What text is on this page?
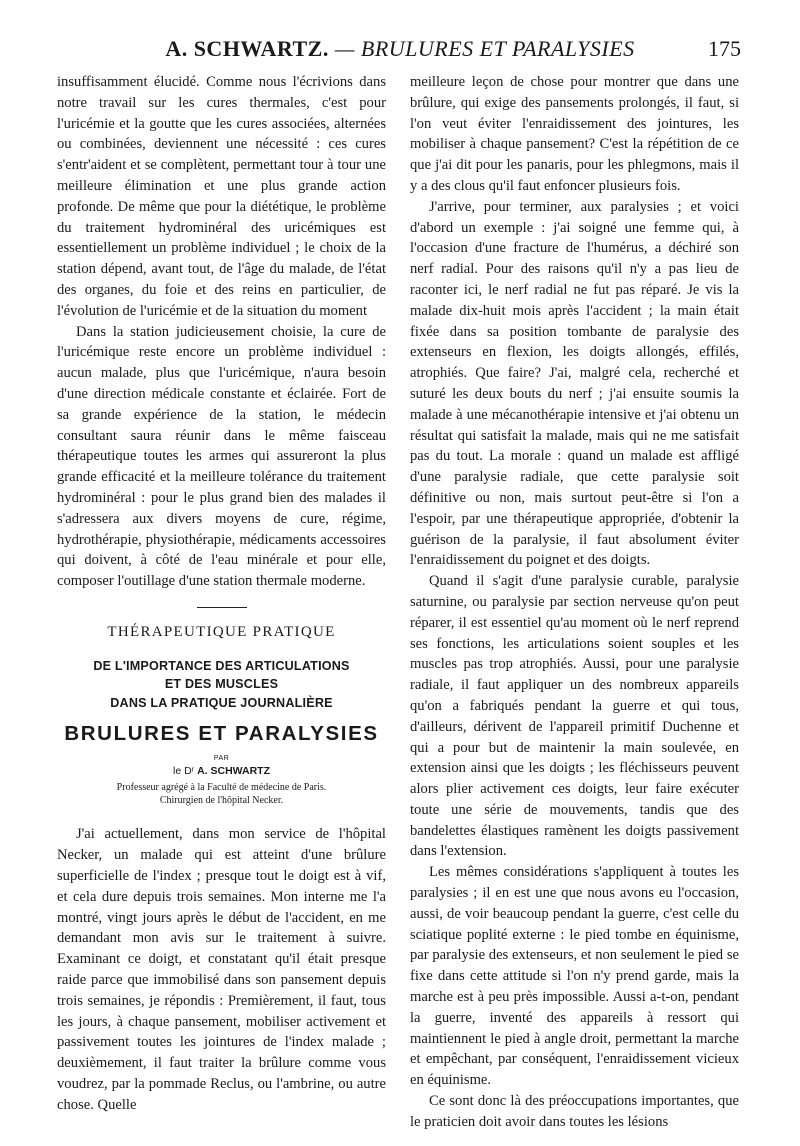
A. SCHWARTZ. — BRULURES ET PARALYSIES	175

insuffisamment élucidé. Comme nous l'écrivions dans notre travail sur les cures thermales, c'est pour l'uricémie et la goutte que les cures associées, alternées ou combinées, deviennent une nécessité : ces cures s'entr'aident et se complètent, permettant tour à tour une meilleure élimination et une plus grande action profonde. De même que pour la diététique, le problème du traitement hydrominéral des uricémiques est essentiellement un problème individuel ; le choix de la station dépend, avant tout, de l'âge du malade, de l'état des organes, du foie et des reins en particulier, de l'évolution de l'uricémie et de la situation du moment

Dans la station judicieusement choisie, la cure de l'uricémique reste encore un problème individuel : aucun malade, plus que l'uricémique, n'aura besoin d'une direction médicale constante et éclairée. Fort de sa grande expérience de la station, le médecin consultant saura réunir dans le même faisceau thérapeutique toutes les armes qui assureront la plus grande efficacité et la meilleure tolérance du traitement hydrominéral : pour le plus grand bien des malades il s'adressera aux divers moyens de cure, régime, hydrothérapie, physiothérapie, médicaments accessoires qui doivent, à côté de l'eau minérale et pour elle, composer l'outillage d'une station thermale moderne.

THÉRAPEUTIQUE PRATIQUE
DE L'IMPORTANCE DES ARTICULATIONS
ET DES MUSCLES
DANS LA PRATIQUE JOURNALIÈRE
BRULURES ET PARALYSIES
PAR
le Dʳ A. SCHWARTZ
Professeur agrégé à la Faculté de médecine de Paris.
Chirurgien de l'hôpital Necker.

J'ai actuellement, dans mon service de l'hôpital Necker, un malade qui est atteint d'une brûlure superficielle de l'index ; presque tout le doigt est à vif, et cela dure depuis trois semaines. Mon interne me l'a montré, vingt jours après le début de l'accident, en me demandant mon avis sur le traitement à suivre. Examinant ce doigt, et constatant qu'il était presque raide parce que immobilisé dans son pansement depuis trois semaines, je répondis : Premièrement, il faut, tous les jours, à chaque pansement, mobiliser activement et passivement toutes les jointures de l'index malade ; deuxièmement, il faut traiter la brûlure comme vous voudrez, par la pommade Reclus, ou l'ambrine, ou autre chose. Quelle

meilleure leçon de chose pour montrer que dans une brûlure, qui exige des pansements prolongés, il faut, si l'on veut éviter l'enraidissement des jointures, les mobiliser à chaque pansement? C'est la répétition de ce que j'ai dit pour les panaris, pour les phlegmons, mais il y a des clous qu'il faut enfoncer plusieurs fois.

J'arrive, pour terminer, aux paralysies ; et voici d'abord un exemple : j'ai soigné une femme qui, à l'occasion d'une fracture de l'humérus, a déchiré son nerf radial. Pour des raisons qu'il n'y a pas lieu de raconter ici, le nerf radial ne fut pas réparé. Je vis la malade dix-huit mois après l'accident ; la main était fixée dans sa position tombante de paralysie des extenseurs en flexion, les doigts allongés, effilés, atrophiés. Que faire? J'ai, malgré cela, recherché et suturé les deux bouts du nerf ; j'ai ensuite soumis la malade à une mécanothérapie intensive et j'ai obtenu un résultat qui satisfait la malade, mais qui ne me satisfait pas du tout. La morale : quand un malade est affligé d'une paralysie radiale, que cette paralysie soit définitive ou non, mais surtout peut-être si l'on a l'espoir, par une thérapeutique appropriée, d'obtenir la guérison de la paralysie, il faut absolument éviter l'enraidissement du poignet et des doigts.

Quand il s'agit d'une paralysie curable, paralysie saturnine, ou paralysie par section nerveuse qu'on peut réparer, il est essentiel qu'au moment où le nerf reprend ses fonctions, les articulations soient souples et les muscles pas trop atrophiés. Aussi, pour une paralysie radiale, il faut appliquer un des nombreux appareils qu'on a fabriqués pendant la guerre et qui tous, d'ailleurs, dérivent de l'appareil primitif Duchenne et qui a pour but de maintenir la main soulevée, en extension ainsi que les doigts ; les fléchisseurs peuvent alors plier activement ces doigts, leur faire exécuter toute une série de mouvements, tandis que des bandelettes élastiques ramènent les doigts passivement dans l'extension.

Les mêmes considérations s'appliquent à toutes les paralysies ; il en est une que nous avons eu l'occasion, aussi, de voir beaucoup pendant la guerre, c'est celle du sciatique poplité externe : le pied tombe en équinisme, par paralysie des extenseurs, et non seulement le pied se fixe dans cette attitude si l'on n'y prend garde, mais la marche est à peu près impossible. Aussi a-t-on, pendant la guerre, inventé des appareils à ressort qui maintiennent le pied à angle droit, permettant la marche et empêchant, par conséquent, l'enraidissement vicieux en équinisme.

Ce sont donc là des préoccupations importantes, que le praticien doit avoir dans toutes les lésions
